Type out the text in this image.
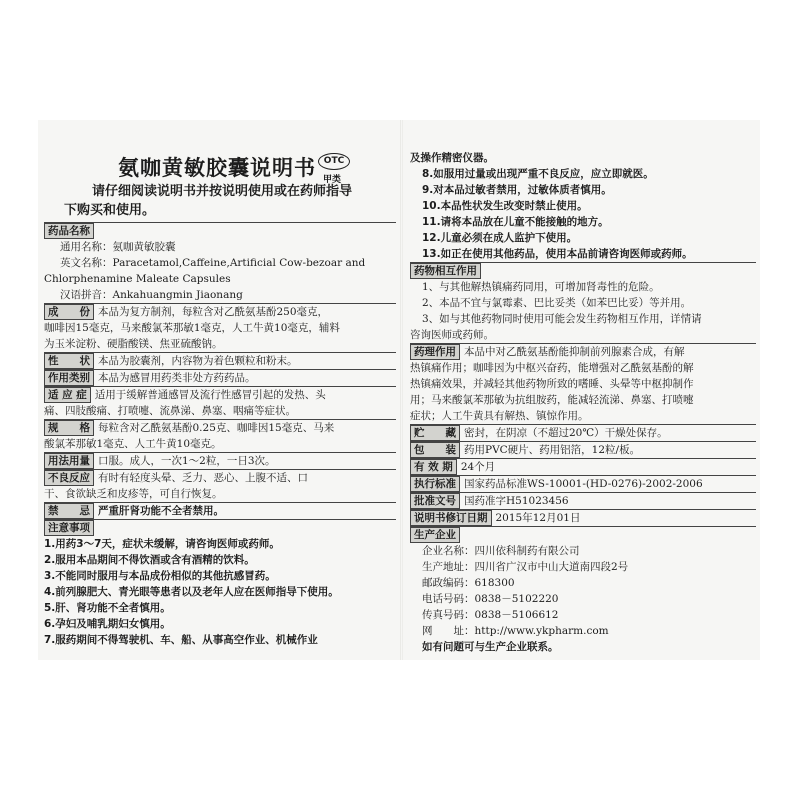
氨咖黄敏胶囊说明书 OTC
甲类
请仔细阅读说明书并按说明使用或在药师指导
下购买和使用。
药品名称
通用名称：氨咖黄敏胶囊
英文名称：Paracetamol,Caffeine,Artificial Cow-bezoar and
Chlorphenamine Maleate Capsules
汉语拼音：Ankahuangmin Jiaonang
成　　份 本品为复方制剂，每粒含对乙酰氨基酚250毫克，
咖啡因15毫克，马来酸氯苯那敏1毫克，人工牛黄10毫克，辅料
为玉米淀粉、硬脂酸镁、焦亚硫酸钠。
性　　状 本品为胶囊剂，内容物为着色颗粒和粉末。
作用类别 本品为感冒用药类非处方药药品。
适 应 症 适用于缓解普通感冒及流行性感冒引起的发热、头
痛、四肢酸痛、打喷嚏、流鼻涕、鼻塞、咽痛等症状。
规　　格 每粒含对乙酰氨基酚0.25克、咖啡因15毫克、马来
酸氯苯那敏1毫克、人工牛黄10毫克。
用法用量 口服。成人，一次1～2粒，一日3次。
不良反应 有时有轻度头晕、乏力、恶心、上腹不适、口
干、食欲缺乏和皮疹等，可自行恢复。
禁　　忌 严重肝肾功能不全者禁用。
注意事项
1.用药3～7天，症状未缓解，请咨询医师或药师。
2.服用本品期间不得饮酒或含有酒精的饮料。
3.不能同时服用与本品成份相似的其他抗感冒药。
4.前列腺肥大、青光眼等患者以及老年人应在医师指导下使用。
5.肝、肾功能不全者慎用。
6.孕妇及哺乳期妇女慎用。
7.服药期间不得驾驶机、车、船、从事高空作业、机械作业
及操作精密仪器。
8.如服用过量或出现严重不良反应，应立即就医。
9.对本品过敏者禁用，过敏体质者慎用。
10.本品性状发生改变时禁止使用。
11.请将本品放在儿童不能接触的地方。
12.儿童必须在成人监护下使用。
13.如正在使用其他药品，使用本品前请咨询医师或药师。
药物相互作用
1、与其他解热镇痛药同用，可增加肾毒性的危险。
2、本品不宜与氯霉素、巴比妥类（如苯巴比妥）等并用。
3、如与其他药物同时使用可能会发生药物相互作用，详情请
咨询医师或药师。
药理作用 本品中对乙酰氨基酚能抑制前列腺素合成，有解
热镇痛作用；咖啡因为中枢兴奋药，能增强对乙酰氨基酚的解
热镇痛效果，并减轻其他药物所致的嗜睡、头晕等中枢抑制作
用；马来酸氯苯那敏为抗组胺药，能减轻流涕、鼻塞、打喷嚏
症状；人工牛黄具有解热、镇惊作用。
贮　　藏 密封，在阴凉（不超过20℃）干燥处保存。
包　　装 药用PVC硬片、药用铝箔，12粒/板。
有 效 期 24个月
执行标准 国家药品标准WS-10001-(HD-0276)-2002-2006
批准文号 国药准字H51023456
说明书修订日期 2015年12月01日
生产企业
企业名称：四川依科制药有限公司
生产地址：四川省广汉市中山大道南四段2号
邮政编码：618300
电话号码：0838－5102220
传真号码：0838－5106612
网　　址：http://www.ykpharm.com
如有问题可与生产企业联系。
